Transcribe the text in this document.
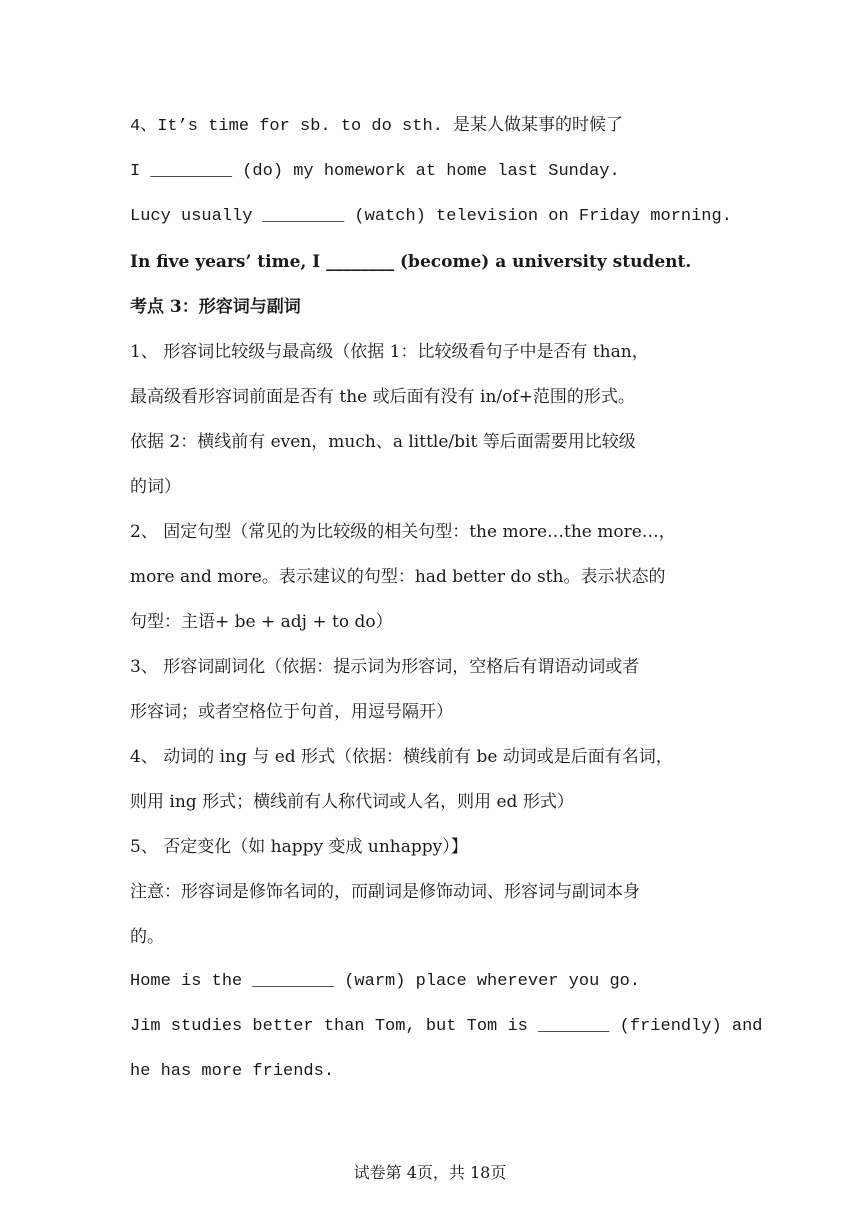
4、It’s time for sb. to do sth. 是某人做某事的时候了
I ________ (do) my homework at home last Sunday.
Lucy usually ________ (watch) television on Friday morning.
In five years’ time, I ________ (become) a university student.
考点 3：形容词与副词
1、 形容词比较级与最高级（依据 1：比较级看句子中是否有 than，
最高级看形容词前面是否有 the 或后面有没有 in/of+范围的形式。
依据 2：横线前有 even，much、a little/bit 等后面需要用比较级
的词）
2、 固定句型（常见的为比较级的相关句型：the more…the more…，
more and more。表示建议的句型：had better do sth。表示状态的
句型：主语+ be + adj + to do）
3、 形容词副词化（依据：提示词为形容词，空格后有谓语动词或者
形容词；或者空格位于句首，用逗号隔开）
4、 动词的 ing 与 ed 形式（依据：横线前有 be 动词或是后面有名词，
则用 ing 形式；横线前有人称代词或人名，则用 ed 形式）
5、 否定变化（如 happy 变成 unhappy）】
注意：形容词是修饰名词的，而副词是修饰动词、形容词与副词本身
的。
Home is the ________ (warm) place wherever you go.
Jim studies better than Tom, but Tom is _______ (friendly) and
he has more friends.
试卷第 4页，共 18页
